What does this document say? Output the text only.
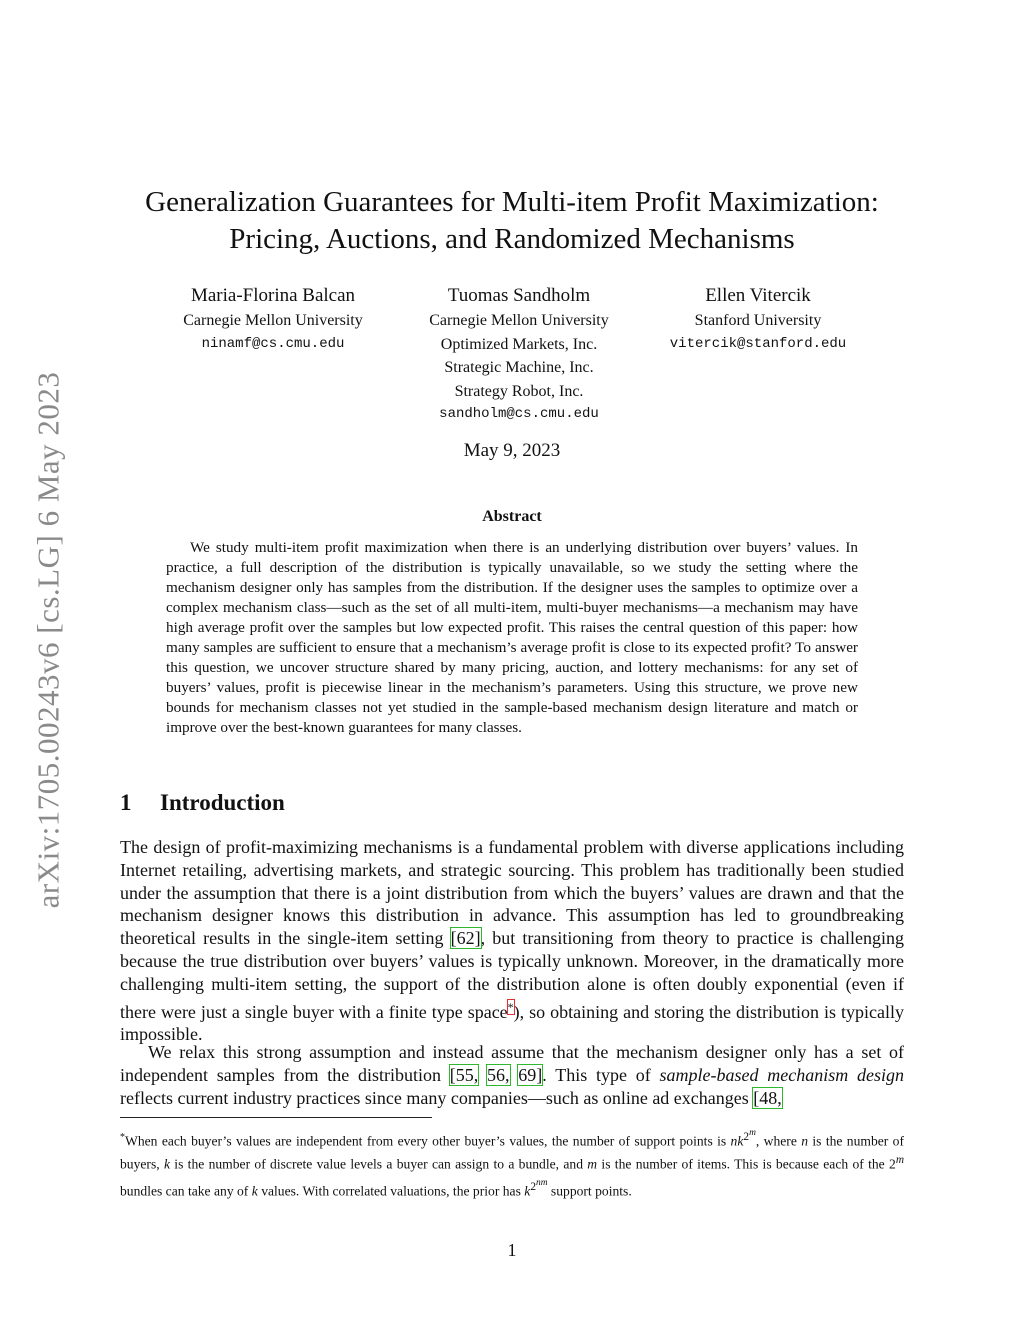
arXiv:1705.00243v6 [cs.LG] 6 May 2023
Generalization Guarantees for Multi-item Profit Maximization:
Pricing, Auctions, and Randomized Mechanisms
Maria-Florina Balcan
Carnegie Mellon University
ninamf@cs.cmu.edu
Tuomas Sandholm
Carnegie Mellon University
Optimized Markets, Inc.
Strategic Machine, Inc.
Strategy Robot, Inc.
sandholm@cs.cmu.edu
Ellen Vitercik
Stanford University
vitercik@stanford.edu
May 9, 2023
Abstract

We study multi-item profit maximization when there is an underlying distribution over buyers’ values. In practice, a full description of the distribution is typically unavailable, so we study the setting where the mechanism designer only has samples from the distribution. If the designer uses the samples to optimize over a complex mechanism class—such as the set of all multi-item, multi-buyer mechanisms—a mechanism may have high average profit over the samples but low expected profit. This raises the central question of this paper: how many samples are sufficient to ensure that a mechanism’s average profit is close to its expected profit? To answer this question, we uncover structure shared by many pricing, auction, and lottery mechanisms: for any set of buyers’ values, profit is piecewise linear in the mechanism’s parameters. Using this structure, we prove new bounds for mechanism classes not yet studied in the sample-based mechanism design literature and match or improve over the best-known guarantees for many classes.

1 Introduction

The design of profit-maximizing mechanisms is a fundamental problem with diverse applications including Internet retailing, advertising markets, and strategic sourcing. This problem has traditionally been studied under the assumption that there is a joint distribution from which the buyers’ values are drawn and that the mechanism designer knows this distribution in advance. This assumption has led to groundbreaking theoretical results in the single-item setting [62], but transitioning from theory to practice is challenging because the true distribution over buyers’ values is typically unknown. Moreover, in the dramatically more challenging multi-item setting, the support of the distribution alone is often doubly exponential (even if there were just a single buyer with a finite type space*), so obtaining and storing the distribution is typically impossible.

We relax this strong assumption and instead assume that the mechanism designer only has a set of independent samples from the distribution [55, 56, 69]. This type of sample-based mechanism design reflects current industry practices since many companies—such as online ad exchanges [48,

*When each buyer’s values are independent from every other buyer’s values, the number of support points is $nk^{2^m}$, where n is the number of buyers, k is the number of discrete value levels a buyer can assign to a bundle, and m is the number of items. This is because each of the 2$^m$ bundles can take any of k values. With correlated valuations, the prior has $k^{2^{nm}}$ support points.

1
